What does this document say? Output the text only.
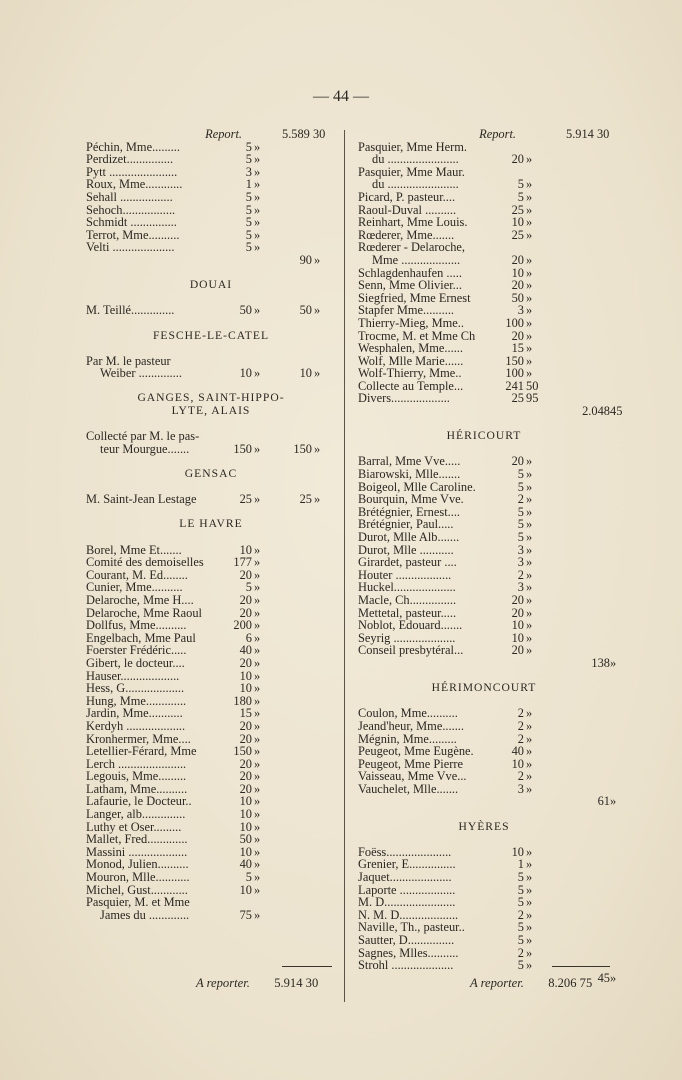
— 44 —
Report.	5.589 30
Péchin, Mme.........	5 »
Perdizet...............	5 »
Pytt ......................	3 »
Roux, Mme............	1 »
Sehall .................	5 »
Sehoch.................	5 »
Schmidt ...............	5 »
Terrot, Mme..........	5 »
Velti ....................	5 »
90 »
DOUAI
M. Teillé..............	50 »	50 »
FESCHE-LE-CATEL
Par M. le pasteur
Weiber ..............	10 »	10 »
GANGES, SAINT-HIPPO-
LYTE, ALAIS
Collecté par M. le pas-
teur Mourgue.......	150 »	150 »
GENSAC
M. Saint-Jean Lestage	25 »	25 »
LE HAVRE
Borel, Mme Et.......	10 »
Comité des demoiselles 177 »
Courant, M. Ed........	20 »
Cunier, Mme..........	5 »
Delaroche, Mme H....	20 »
Delaroche, Mme Raoul	20 »
Dollfus, Mme..........	200 »
Engelbach, Mme Paul	6 »
Foerster Frédéric.....	40 »
Gibert, le docteur....	20 »
Hauser...................	10 »
Hess, G...................	10 »
Hung, Mme.............	180 »
Jardin, Mme...........	15 »
Kerdyh ...................	20 »
Kronhermer, Mme....	20 »
Letellier-Férard, Mme	150 »
Lerch ......................	20 »
Legouis, Mme.........	20 »
Latham, Mme..........	20 »
Lafaurie, le Docteur..	10 »
Langer, alb..............	10 »
Luthy et Oser.........	10 »
Mallet, Fred.............	50 »
Massini ...................	10 »
Monod, Julien..........	40 »
Mouron, Mlle...........	5 »
Michel, Gust............	10 »
Pasquier, M. et Mme
James du .............	75 »
Report.	5.914 30
Pasquier, Mme Herm.
du .......................	20 »
Pasquier, Mme Maur.
du .......................	5 »
Picard, P. pasteur....	5 »
Raoul-Duval ..........	25 »
Reinhart, Mme Louis.	10 »
Rœderer, Mme.......	25 »
Rœderer - Delaroche,
Mme ...................	20 »
Schlagdenhaufen .....	10 »
Senn, Mme Olivier...	20 »
Siegfried, Mme Ernest	50 »
Stapfer Mme..........	3 »
Thierry-Mieg, Mme..	100 »
Trocme, M. et Mme Ch	20 »
Wesphalen, Mme......	15 »
Wolf, Mlle Marie......	150 »
Wolf-Thierry, Mme..	100 »
Collecte au Temple...	241 50
Divers...................	25 95
2.048 45
HÉRICOURT
Barral, Mme Vve.....	20 »
Biarowski, Mlle.......	5 »
Boigeol, Mlle Caroline.	5 »
Bourquin, Mme Vve.	2 »
Brétégnier, Ernest....	5 »
Brétégnier, Paul.....	5 »
Durot, Mlle Alb.......	5 »
Durot, Mlle ...........	3 »
Girardet, pasteur ....	3 »
Houter ..................	2 »
Huckel....................	3 »
Macle, Ch...............	20 »
Mettetal, pasteur.....	20 »
Noblot, Edouard.......	10 »
Seyrig ....................	10 »
Conseil presbytéral...	20 »
138 »
HÉRIMONCOURT
Coulon, Mme..........	2 »
Jeand'heur, Mme.......	2 »
Mégnin, Mme.........	2 »
Peugeot, Mme Eugène.	40 »
Peugeot, Mme Pierre	10 »
Vaisseau, Mme Vve...	2 »
Vauchelet, Mlle.......	3 »
61 »
HYÈRES
Foëss.....................	10 »
Grenier, E...............	1 »
Jaquet....................	5 »
Laporte ..................	5 »
M. D.......................	5 »
N. M. D...................	2 »
Naville, Th., pasteur..	5 »
Sautter, D...............	5 »
Sagnes, Mlles..........	2 »
Strohl ....................	5 »
45 »
A reporter. 5.914 30	A reporter. 8.206 75
